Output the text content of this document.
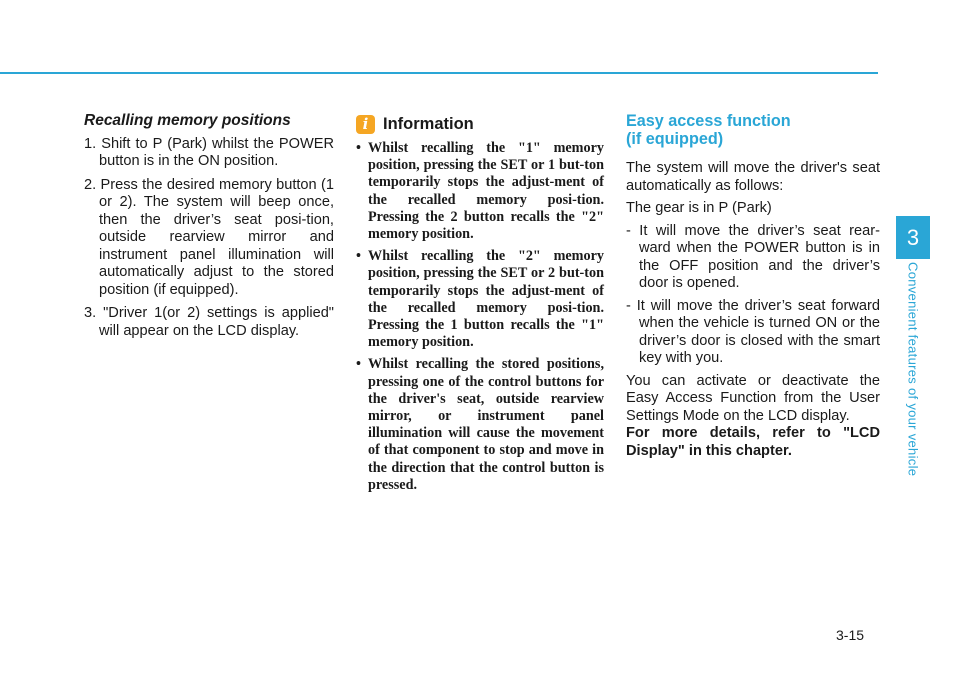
Recalling memory positions
1. Shift to P (Park) whilst the POWER button is in the ON position.
2. Press the desired memory button (1 or 2). The system will beep once, then the driver’s seat posi-tion, outside rearview mirror and instrument panel illumination will automatically adjust to the stored position (if equipped).
3. "Driver 1(or 2) settings is applied" will appear on the LCD display.
i Information
• Whilst recalling the "1" memory position, pressing the SET or 1 but-ton temporarily stops the adjust-ment of the recalled memory posi-tion. Pressing the 2 button recalls the "2" memory position.
• Whilst recalling the "2" memory position, pressing the SET or 2 but-ton temporarily stops the adjust-ment of the recalled memory posi-tion. Pressing the 1 button recalls the "1" memory position.
• Whilst recalling the stored positions, pressing one of the control buttons for the driver's seat, outside rearview mirror, or instrument panel illumination will cause the movement of that component to stop and move in the direction that the control button is pressed.
Easy access function
(if equipped)

The system will move the driver's seat automatically as follows:

The gear is in P (Park)

- It will move the driver’s seat rear-ward when the POWER button is in the OFF position and the driver’s door is opened.
- It will move the driver’s seat forward when the vehicle is turned ON or the driver’s door is closed with the smart key with you.

You can activate or deactivate the Easy Access Function from the User Settings Mode on the LCD display.

For more details, refer to "LCD Display" in this chapter.

3
Convenient features of your vehicle
3-15
